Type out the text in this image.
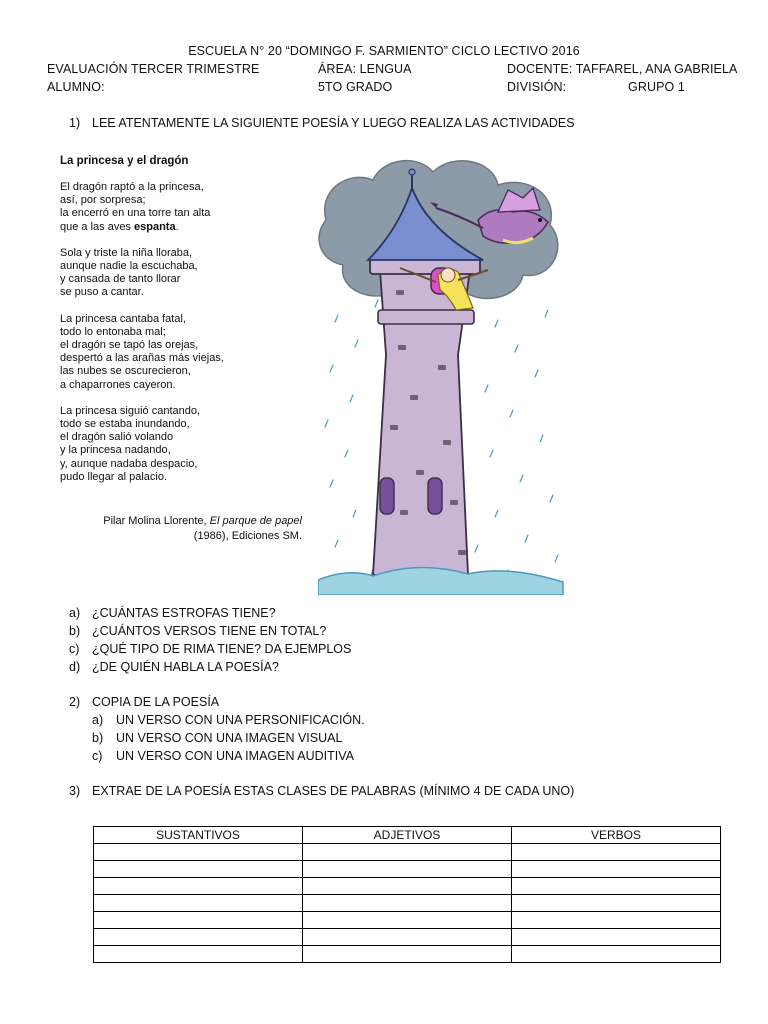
ESCUELA N° 20 “DOMINGO F. SARMIENTO” CICLO LECTIVO 2016
EVALUACIÓN TERCER TRIMESTRE	ÁREA: LENGUA	DOCENTE: TAFFAREL, ANA GABRIELA
ALUMNO:	5TO GRADO	DIVISIÓN:	GRUPO 1
1) LEE ATENTAMENTE LA SIGUIENTE POESÍA Y LUEGO REALIZA LAS ACTIVIDADES
La princesa y el dragón
El dragón raptó a la princesa,
así, por sorpresa;
la encerró en una torre tan alta
que a las aves espanta.
Sola y triste la niña lloraba,
aunque nadie la escuchaba,
y cansada de tanto llorar
se puso a cantar.
La princesa cantaba fatal,
todo lo entonaba mal;
el dragón se tapó las orejas,
despertó a las arañas más viejas,
las nubes se oscurecieron,
a chaparrones cayeron.
La princesa siguió cantando,
todo se estaba inundando,
el dragón salió volando
y la princesa nadando,
y, aunque nadaba despacio,
pudo llegar al palacio.
Pilar Molina Llorente, El parque de papel
(1986), Ediciones SM.
a) ¿CUÁNTAS ESTROFAS TIENE?
b) ¿CUÁNTOS VERSOS TIENE EN TOTAL?
c) ¿QUÉ TIPO DE RIMA TIENE? DA EJEMPLOS
d) ¿DE QUIÉN HABLA LA POESÍA?
2) COPIA DE LA POESÍA
a) UN VERSO CON UNA PERSONIFICACIÓN.
b) UN VERSO CON UNA IMAGEN VISUAL
c) UN VERSO CON UNA IMAGEN AUDITIVA
3) EXTRAE DE LA POESÍA ESTAS CLASES DE PALABRAS (MÍNIMO 4 DE CADA UNO)
SUSTANTIVOS	ADJETIVOS	VERBOS
